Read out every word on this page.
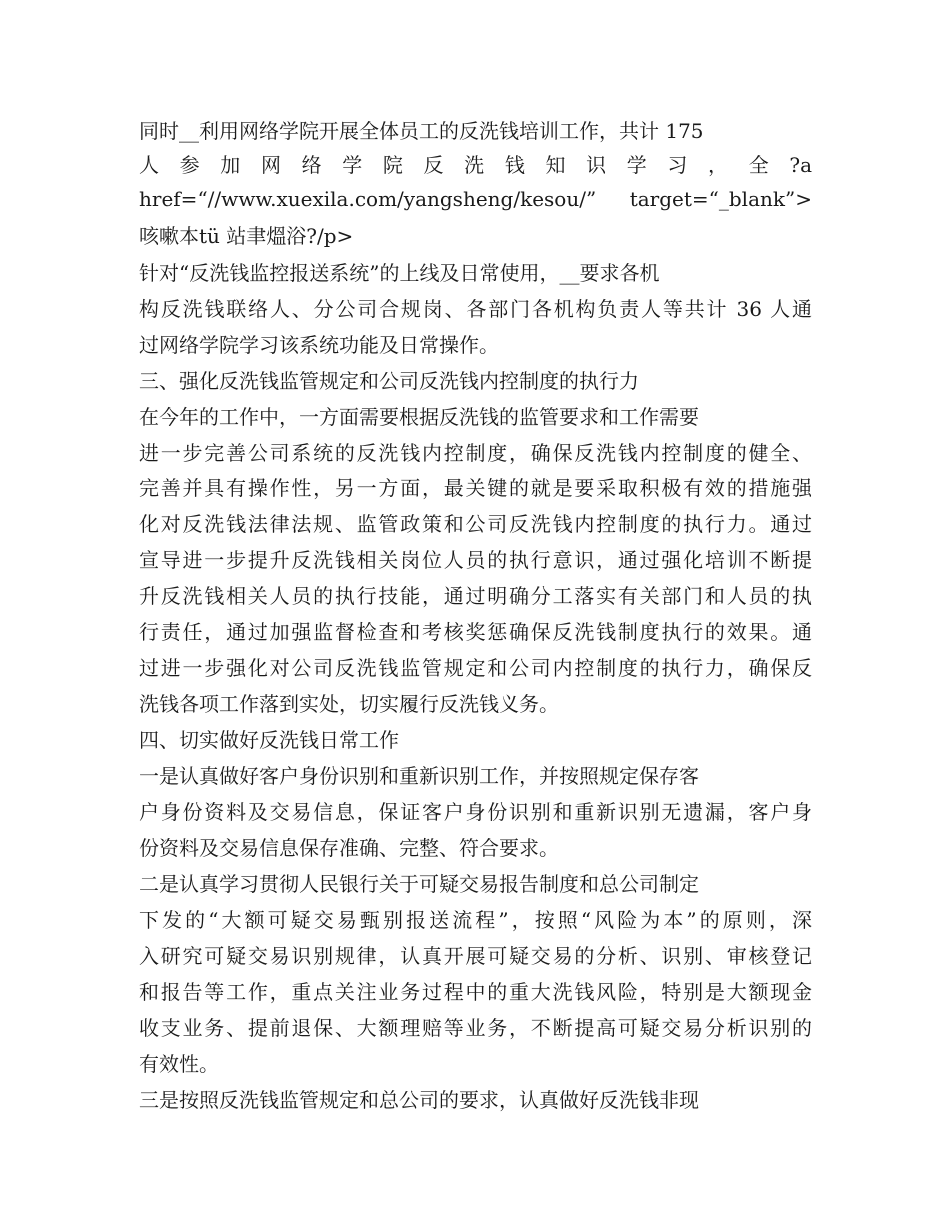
同时__利用网络学院开展全体员工的反洗钱培训工作，共计 175
人 参 加 网 络 学 院 反 洗 钱 知 识 学 习 ， 全 ?a
href=“//www.xuexila.com/yangsheng/kesou/” target=“_blank”>
咳嗽本tü 站聿熅浴?/p>
针对“反洗钱监控报送系统”的上线及日常使用，__要求各机
构反洗钱联络人、分公司合规岗、各部门各机构负责人等共计 36 人通
过网络学院学习该系统功能及日常操作。
三、强化反洗钱监管规定和公司反洗钱内控制度的执行力
在今年的工作中，一方面需要根据反洗钱的监管要求和工作需要
进一步完善公司系统的反洗钱内控制度，确保反洗钱内控制度的健全、
完善并具有操作性，另一方面，最关键的就是要采取积极有效的措施强
化对反洗钱法律法规、监管政策和公司反洗钱内控制度的执行力。通过
宣导进一步提升反洗钱相关岗位人员的执行意识，通过强化培训不断提
升反洗钱相关人员的执行技能，通过明确分工落实有关部门和人员的执
行责任，通过加强监督检查和考核奖惩确保反洗钱制度执行的效果。通
过进一步强化对公司反洗钱监管规定和公司内控制度的执行力，确保反
洗钱各项工作落到实处，切实履行反洗钱义务。
四、切实做好反洗钱日常工作
一是认真做好客户身份识别和重新识别工作，并按照规定保存客
户身份资料及交易信息，保证客户身份识别和重新识别无遗漏，客户身
份资料及交易信息保存准确、完整、符合要求。
二是认真学习贯彻人民银行关于可疑交易报告制度和总公司制定
下发的“大额可疑交易甄别报送流程”，按照“风险为本”的原则，深
入研究可疑交易识别规律，认真开展可疑交易的分析、识别、审核登记
和报告等工作，重点关注业务过程中的重大洗钱风险，特别是大额现金
收支业务、提前退保、大额理赔等业务，不断提高可疑交易分析识别的
有效性。
三是按照反洗钱监管规定和总公司的要求，认真做好反洗钱非现
